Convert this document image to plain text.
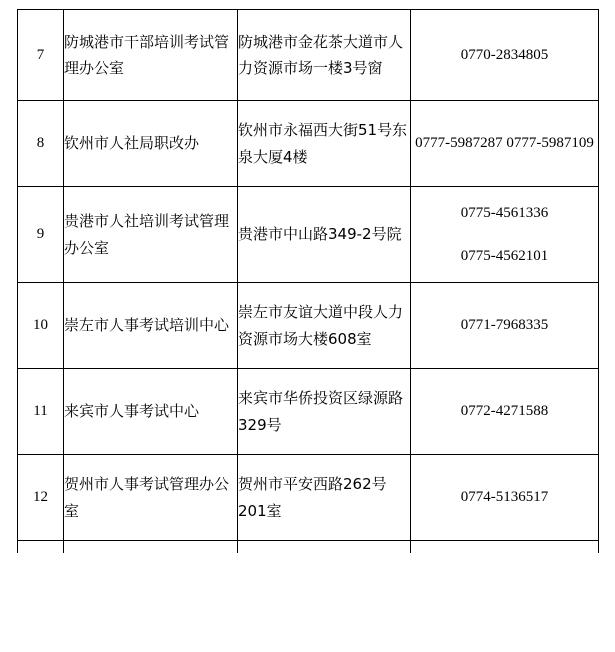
7	防城港市干部培训考试管理办公室	防城港市金花茶大道市人力资源市场一楼3号窗	0770-2834805

8	钦州市人社局职改办	钦州市永福西大街51号东泉大厦4楼	0777-5987287 0777-5987109

9	贵港市人社培训考试管理办公室	贵港市中山路349-2号院	0775-4561336
0775-4562101

10	崇左市人事考试培训中心	崇左市友谊大道中段人力资源市场大楼608室	0771-7968335

11	来宾市人事考试中心	来宾市华侨投资区绿源路329号	0772-4271588

12	贺州市人事考试管理办公室	贺州市平安西路262号201室	0774-5136517
